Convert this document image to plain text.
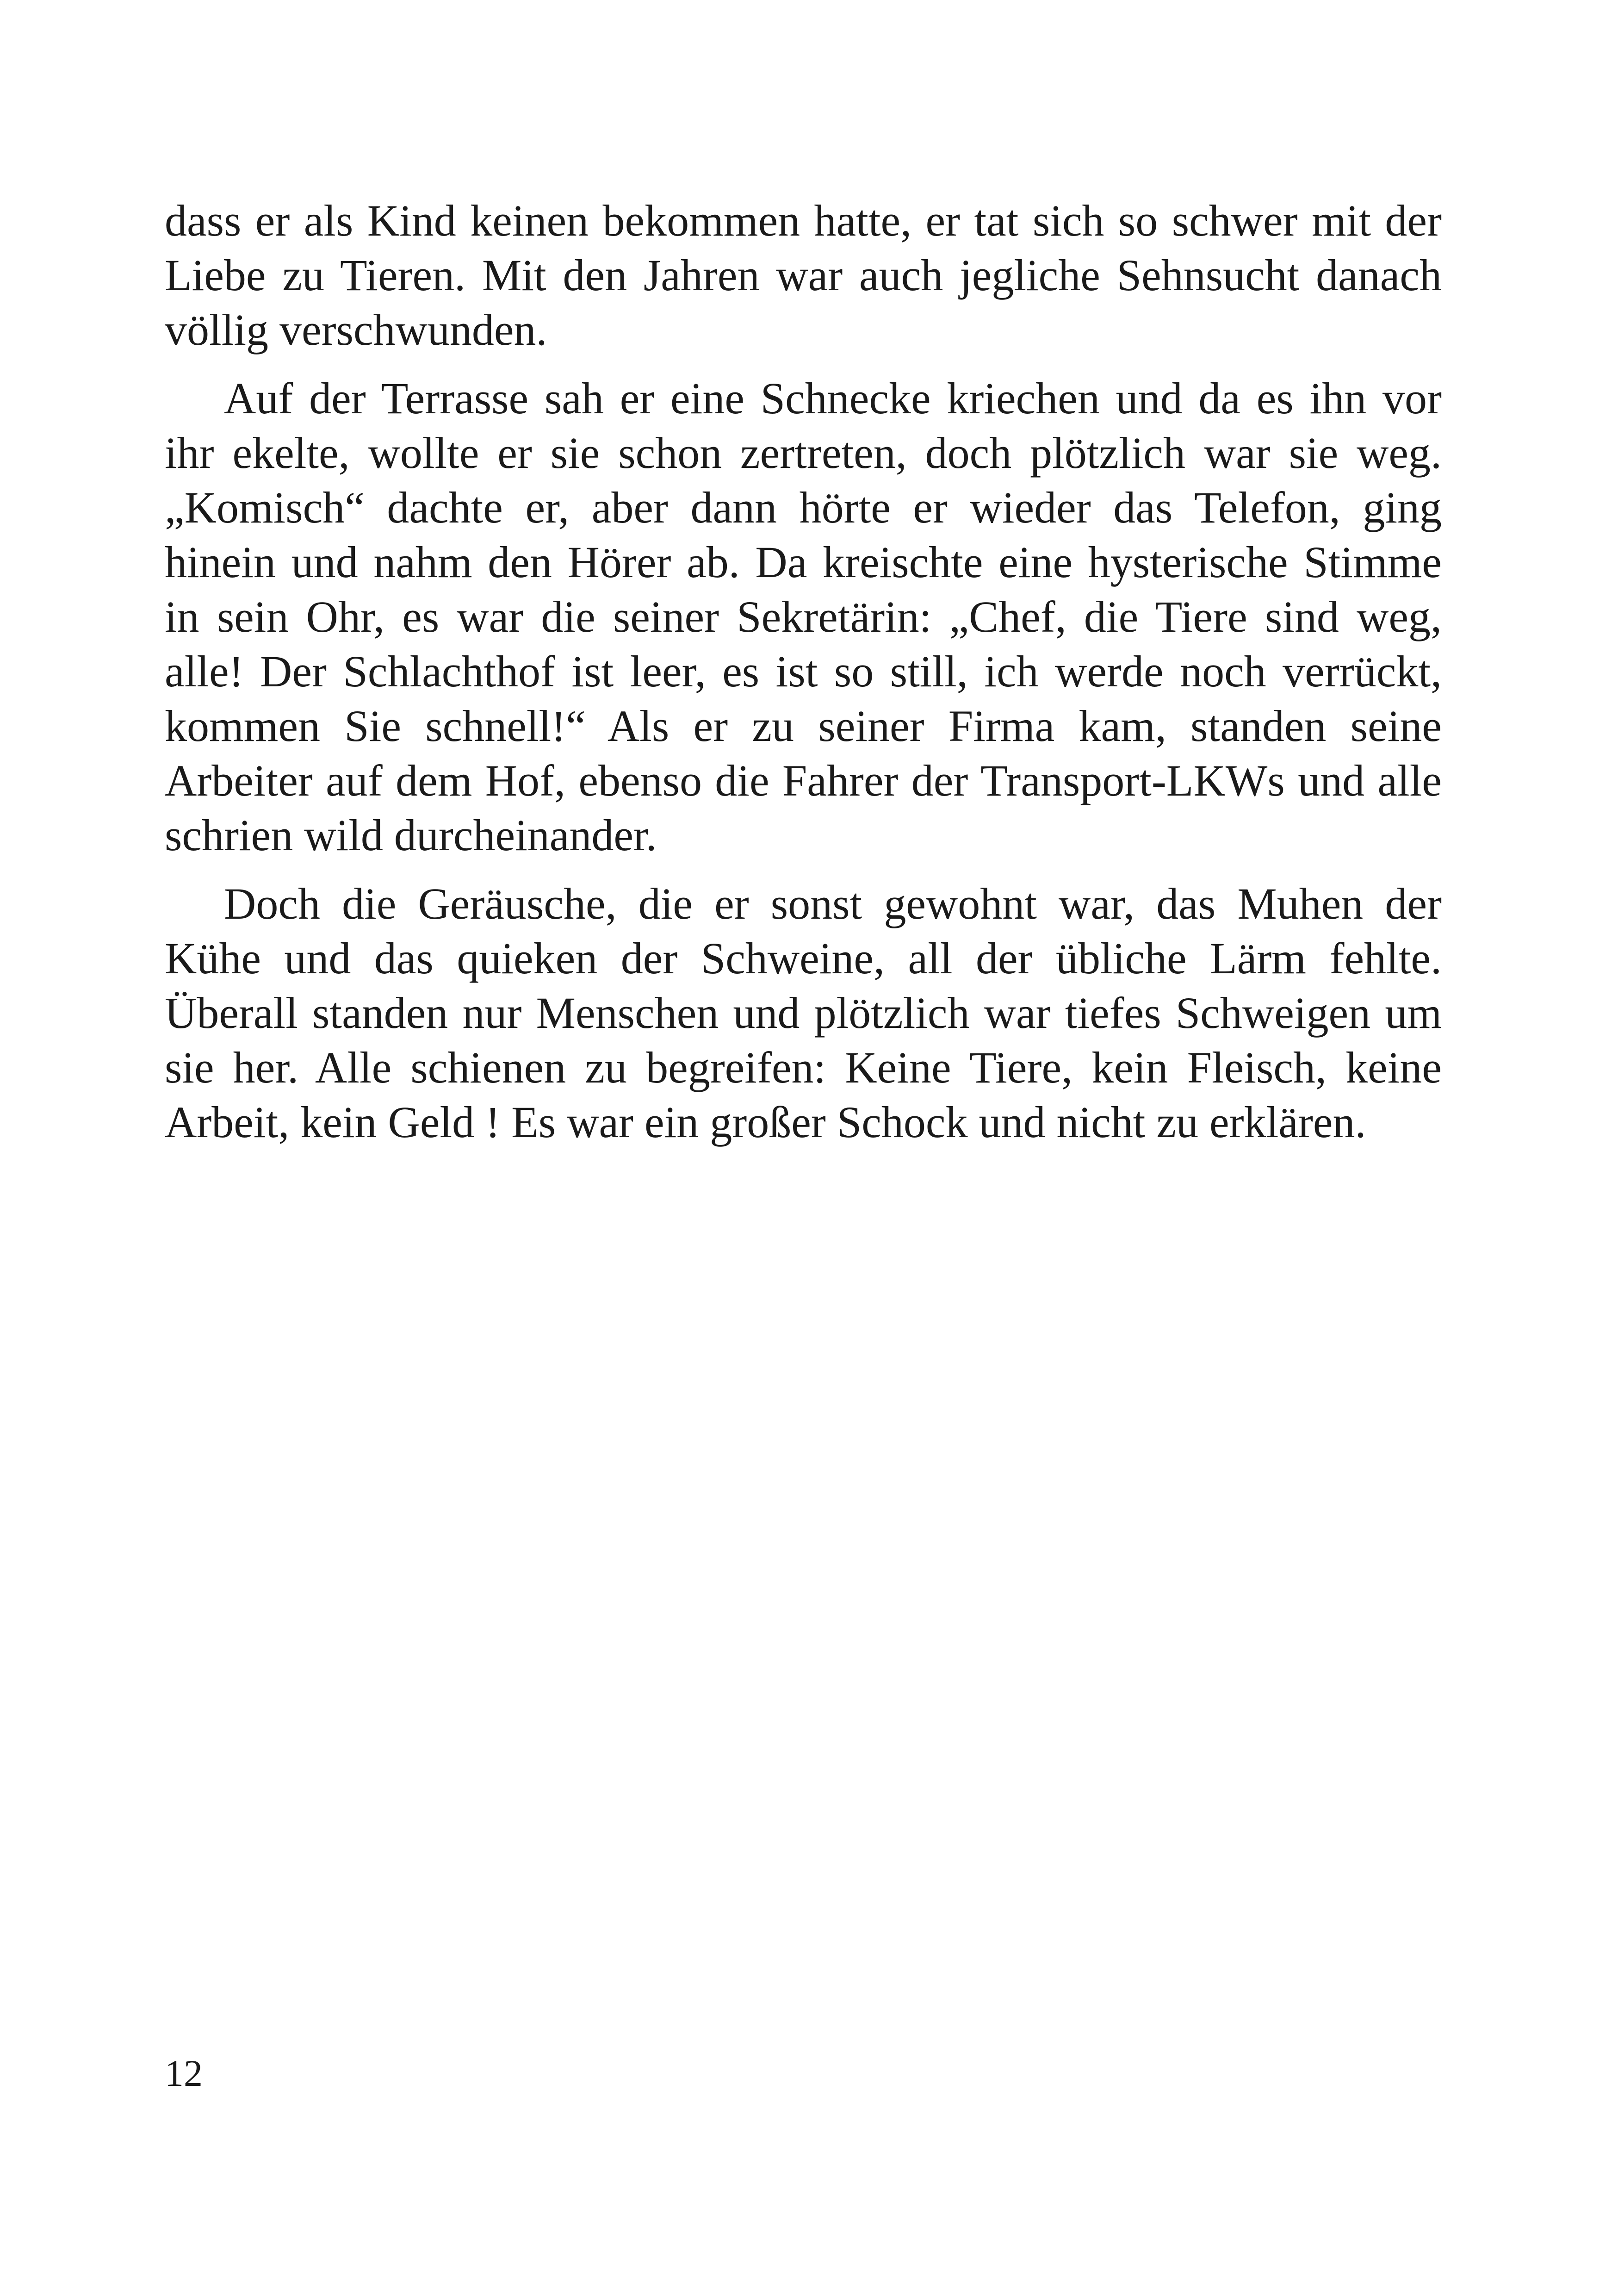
dass er als Kind keinen bekommen hatte, er tat sich so schwer mit der Liebe zu Tieren. Mit den Jahren war auch jegliche Sehnsucht danach völlig verschwunden.

Auf der Terrasse sah er eine Schnecke kriechen und da es ihn vor ihr ekelte, wollte er sie schon zertreten, doch plötzlich war sie weg. „Komisch“ dachte er, aber dann hörte er wieder das Telefon, ging hinein und nahm den Hörer ab. Da kreischte eine hysterische Stimme in sein Ohr, es war die seiner Sekretärin: „Chef, die Tiere sind weg, alle! Der Schlachthof ist leer, es ist so still, ich werde noch verrückt, kommen Sie schnell!“ Als er zu seiner Firma kam, standen seine Arbeiter auf dem Hof, ebenso die Fahrer der Transport-LKWs und alle schrien wild durcheinander.

Doch die Geräusche, die er sonst gewohnt war, das Muhen der Kühe und das quieken der Schweine, all der übliche Lärm fehlte. Überall standen nur Menschen und plötzlich war tiefes Schweigen um sie her. Alle schienen zu begreifen: Keine Tiere, kein Fleisch, keine Arbeit, kein Geld ! Es war ein großer Schock und nicht zu erklären.

12
